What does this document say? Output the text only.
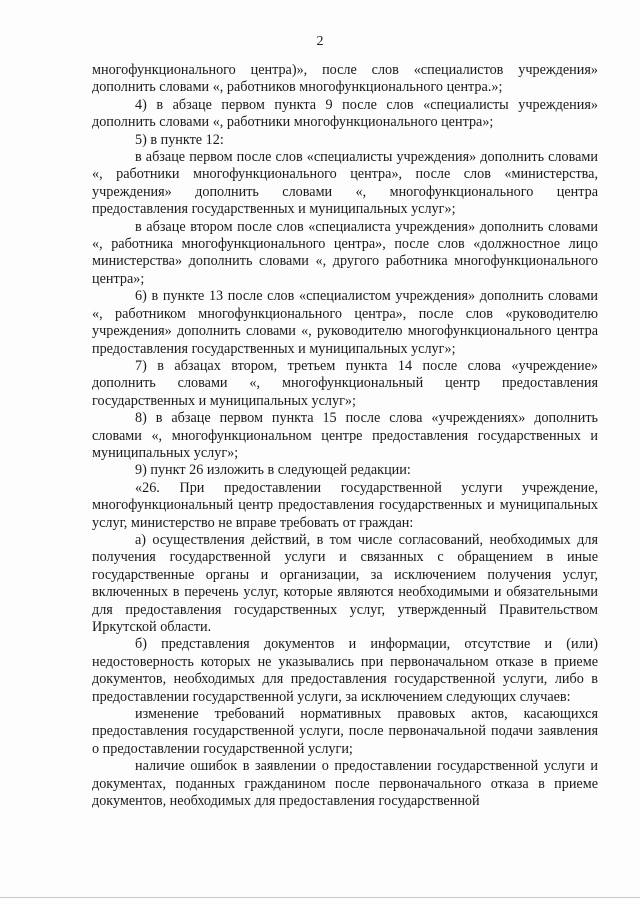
2

многофункционального центра)», после слов «специалистов учреждения» дополнить словами «, работников многофункционального центра.»;

4) в абзаце первом пункта 9 после слов «специалисты учреждения» дополнить словами «, работники многофункционального центра»;

5) в пункте 12:

в абзаце первом после слов «специалисты учреждения» дополнить словами «, работники многофункционального центра», после слов «министерства, учреждения» дополнить словами «, многофункционального центра предоставления государственных и муниципальных услуг»;

в абзаце втором после слов «специалиста учреждения» дополнить словами «, работника многофункционального центра», после слов «должностное лицо министерства» дополнить словами «, другого работника многофункционального центра»;

6) в пункте 13 после слов «специалистом учреждения» дополнить словами «, работником многофункционального центра», после слов «руководителю учреждения» дополнить словами «, руководителю многофункционального центра предоставления государственных и муниципальных услуг»;

7) в абзацах втором, третьем пункта 14 после слова «учреждение» дополнить словами «, многофункциональный центр предоставления государственных и муниципальных услуг»;

8) в абзаце первом пункта 15 после слова «учреждениях» дополнить словами «, многофункциональном центре предоставления государственных и муниципальных услуг»;

9) пункт 26 изложить в следующей редакции:

«26. При предоставлении государственной услуги учреждение, многофункциональный центр предоставления государственных и муниципальных услуг, министерство не вправе требовать от граждан:

а) осуществления действий, в том числе согласований, необходимых для получения государственной услуги и связанных с обращением в иные государственные органы и организации, за исключением получения услуг, включенных в перечень услуг, которые являются необходимыми и обязательными для предоставления государственных услуг, утвержденный Правительством Иркутской области.

б) представления документов и информации, отсутствие и (или) недостоверность которых не указывались при первоначальном отказе в приеме документов, необходимых для предоставления государственной услуги, либо в предоставлении государственной услуги, за исключением следующих случаев:

изменение требований нормативных правовых актов, касающихся предоставления государственной услуги, после первоначальной подачи заявления о предоставлении государственной услуги;

наличие ошибок в заявлении о предоставлении государственной услуги и документах, поданных гражданином после первоначального отказа в приеме документов, необходимых для предоставления государственной
